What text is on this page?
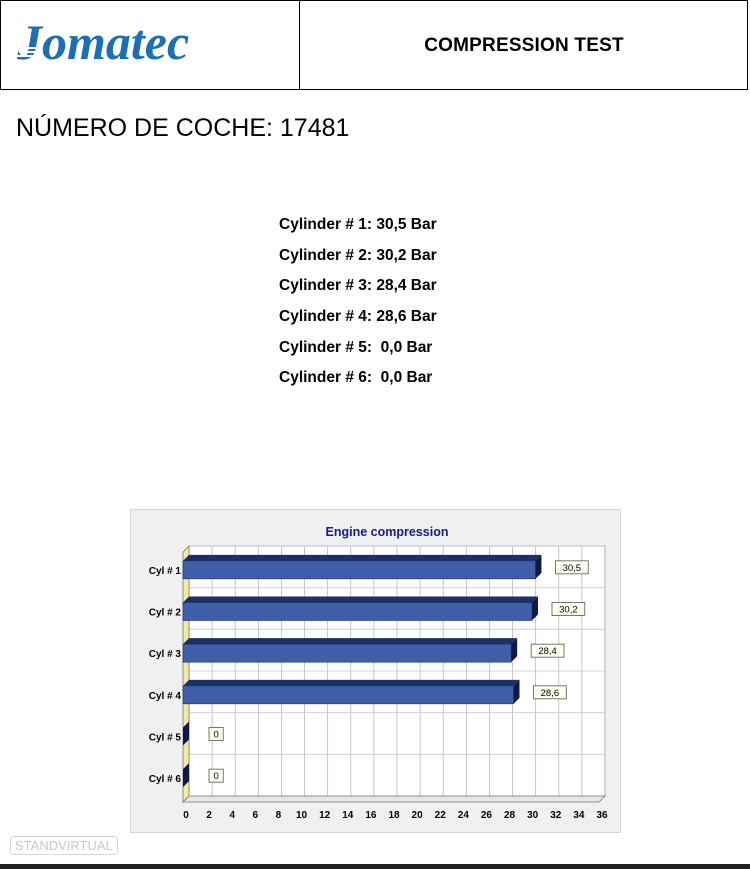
Jomatec	COMPRESSION TEST
NÚMERO DE COCHE: 17481
Cylinder # 1: 30,5 Bar
Cylinder # 2: 30,2 Bar
Cylinder # 3: 28,4 Bar
Cylinder # 4: 28,6 Bar
Cylinder # 5:  0,0 Bar
Cylinder # 6:  0,0 Bar
Engine compression
0 2 4 6 8 10 12 14 16 18 20 22 24 26 28 30 32 34 36
Cyl # 1	30,5
Cyl # 2	30,2
Cyl # 3	28,4
Cyl # 4	28,6
Cyl # 5	0
Cyl # 6	0
STANDVIRTUAL
